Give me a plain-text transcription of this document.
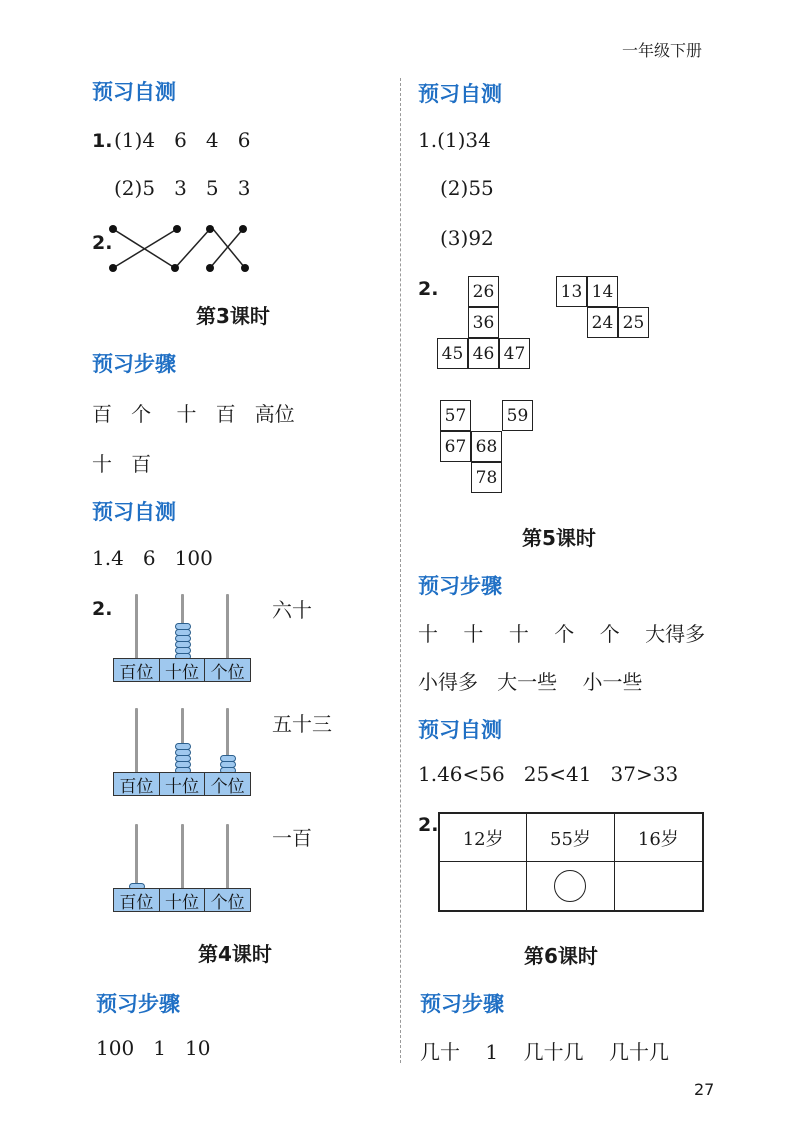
一年级下册
预习自测
1. (1)4   6   4   6
(2)5   3   5   3
2.
第3课时
预习步骤
百   个    十   百   高位
十   百
预习自测
1.4   6   100
2.
百位 十位 个位
六十
百位 十位 个位
五十三
百位 十位 个位
一百
第4课时
预习步骤
100   1   10
预习自测
1.(1)34
(2)55
(3)92
2. 26
36
45 46 47
13 14
24 25
57 59
67 68
78
第5课时
预习步骤
十    十    十    个    个    大得多
小得多   大一些    小一些
预习自测
1.46<56   25<41   37>33
2.
12岁	55岁	16岁
第6课时
预习步骤
几十    1    几十几    几十几
27
